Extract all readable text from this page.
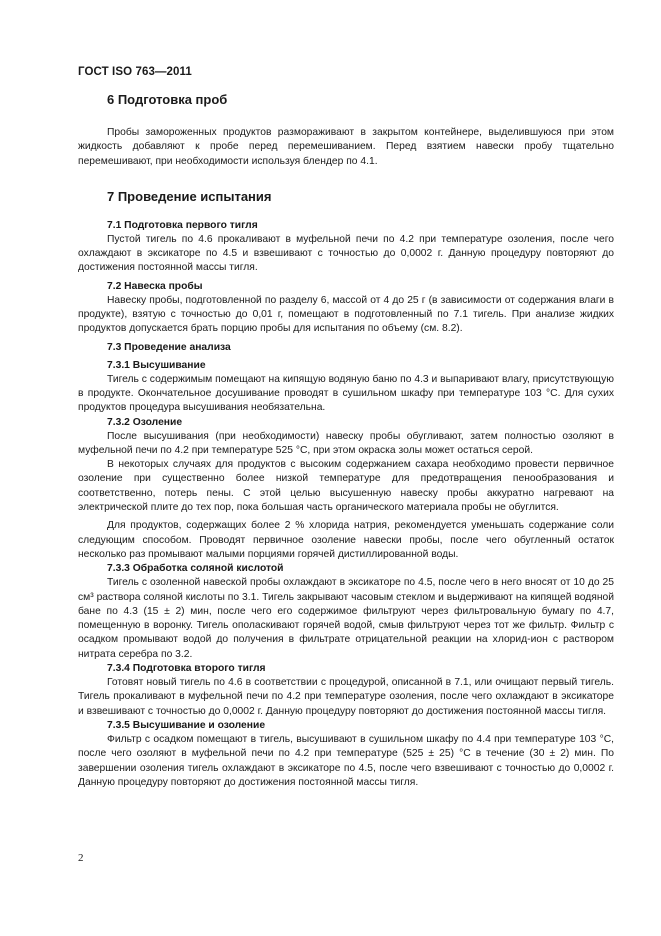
ГОСТ ISO 763—2011
6 Подготовка проб

Пробы замороженных продуктов размораживают в закрытом контейнере, выделившуюся при этом жидкость добавляют к пробе перед перемешиванием. Перед взятием навески пробу тщательно перемешивают, при необходимости используя блендер по 4.1.

7 Проведение испытания
7.1 Подготовка первого тигля

Пустой тигель по 4.6 прокаливают в муфельной печи по 4.2 при температуре озоления, после чего охлаждают в эксикаторе по 4.5 и взвешивают с точностью до 0,0002 г. Данную процедуру повторяют до достижения постоянной массы тигля.

7.2 Навеска пробы

Навеску пробы, подготовленной по разделу 6, массой от 4 до 25 г (в зависимости от содержания влаги в продукте), взятую с точностью до 0,01 г, помещают в подготовленный по 7.1 тигель. При анализе жидких продуктов допускается брать порцию пробы для испытания по объему (см. 8.2).

7.3 Проведение анализа
7.3.1 Высушивание

Тигель с содержимым помещают на кипящую водяную баню по 4.3 и выпаривают влагу, присутствующую в продукте. Окончательное досушивание проводят в сушильном шкафу при температуре 103 °С. Для сухих продуктов процедура высушивания необязательна.

7.3.2 Озоление

После высушивания (при необходимости) навеску пробы обугливают, затем полностью озоляют в муфельной печи по 4.2 при температуре 525 °С, при этом окраска золы может остаться серой.

В некоторых случаях для продуктов с высоким содержанием сахара необходимо провести первичное озоление при существенно более низкой температуре для предотвращения пенообразования и соответственно, потерь пены. С этой целью высушенную навеску пробы аккуратно нагревают на электрической плите до тех пор, пока большая часть органического материала пробы не обуглится.

Для продуктов, содержащих более 2 % хлорида натрия, рекомендуется уменьшать содержание соли следующим способом. Проводят первичное озоление навески пробы, после чего обугленный остаток несколько раз промывают малыми порциями горячей дистиллированной воды.

7.3.3 Обработка соляной кислотой

Тигель с озоленной навеской пробы охлаждают в эксикаторе по 4.5, после чего в него вносят от 10 до 25 см³ раствора соляной кислоты по 3.1. Тигель закрывают часовым стеклом и выдерживают на кипящей водяной бане по 4.3 (15 ± 2) мин, после чего его содержимое фильтруют через фильтровальную бумагу по 4.7, помещенную в воронку. Тигель ополаскивают горячей водой, смыв фильтруют через тот же фильтр. Фильтр с осадком промывают водой до получения в фильтрате отрицательной реакции на хлорид-ион с раствором нитрата серебра по 3.2.

7.3.4 Подготовка второго тигля

Готовят новый тигель по 4.6 в соответствии с процедурой, описанной в 7.1, или очищают первый тигель. Тигель прокаливают в муфельной печи по 4.2 при температуре озоления, после чего охлаждают в эксикаторе и взвешивают с точностью до 0,0002 г. Данную процедуру повторяют до достижения постоянной массы тигля.

7.3.5 Высушивание и озоление

Фильтр с осадком помещают в тигель, высушивают в сушильном шкафу по 4.4 при температуре 103 °С, после чего озоляют в муфельной печи по 4.2 при температуре (525 ± 25) °С в течение (30 ± 2) мин. По завершении озоления тигель охлаждают в эксикаторе по 4.5, после чего взвешивают с точностью до 0,0002 г. Данную процедуру повторяют до достижения постоянной массы тигля.

2
